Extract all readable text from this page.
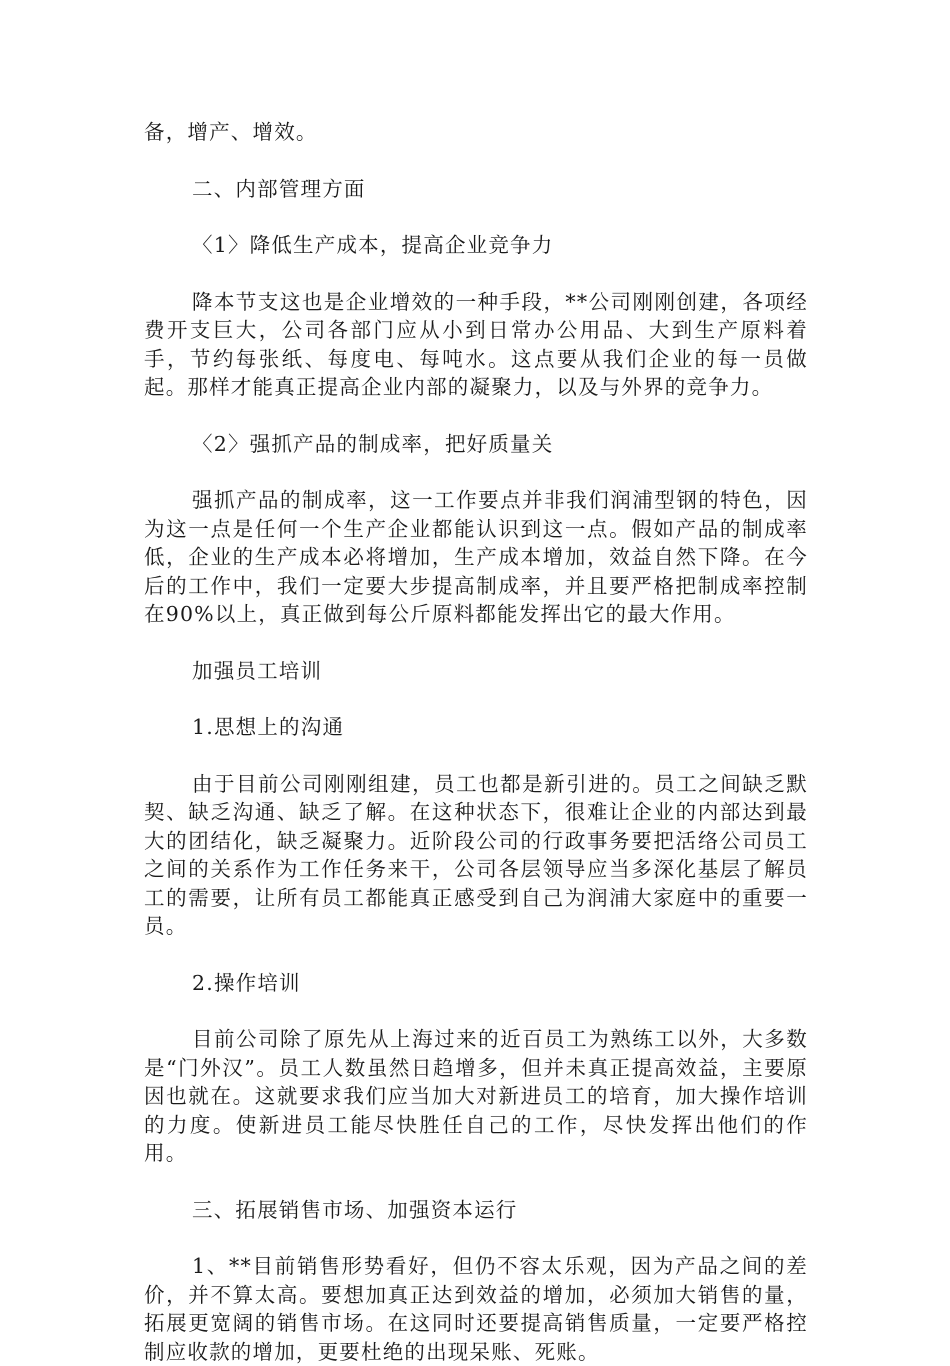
备，增产、增效。

二、内部管理方面

〈1〉降低生产成本，提高企业竞争力

降本节支这也是企业增效的一种手段，**公司刚刚创建，各项经费开支巨大，公司各部门应从小到日常办公用品、大到生产原料着手，节约每张纸、每度电、每吨水。这点要从我们企业的每一员做起。那样才能真正提高企业内部的凝聚力，以及与外界的竞争力。

〈2〉强抓产品的制成率，把好质量关

强抓产品的制成率，这一工作要点并非我们润浦型钢的特色，因为这一点是任何一个生产企业都能认识到这一点。假如产品的制成率低，企业的生产成本必将增加，生产成本增加，效益自然下降。在今后的工作中，我们一定要大步提高制成率，并且要严格把制成率控制在90%以上，真正做到每公斤原料都能发挥出它的最大作用。

加强员工培训

1.思想上的沟通

由于目前公司刚刚组建，员工也都是新引进的。员工之间缺乏默契、缺乏沟通、缺乏了解。在这种状态下，很难让企业的内部达到最大的团结化，缺乏凝聚力。近阶段公司的行政事务要把活络公司员工之间的关系作为工作任务来干，公司各层领导应当多深化基层了解员工的需要，让所有员工都能真正感受到自己为润浦大家庭中的重要一员。

2.操作培训

目前公司除了原先从上海过来的近百员工为熟练工以外，大多数是“门外汉”。员工人数虽然日趋增多，但并未真正提高效益，主要原因也就在。这就要求我们应当加大对新进员工的培育，加大操作培训的力度。使新进员工能尽快胜任自己的工作，尽快发挥出他们的作用。

三、拓展销售市场、加强资本运行

1、**目前销售形势看好，但仍不容太乐观，因为产品之间的差价，并不算太高。要想加真正达到效益的增加，必须加大销售的量，拓展更宽阔的销售市场。在这同时还要提高销售质量，一定要严格控制应收款的增加，更要杜绝的出现呆账、死账。
